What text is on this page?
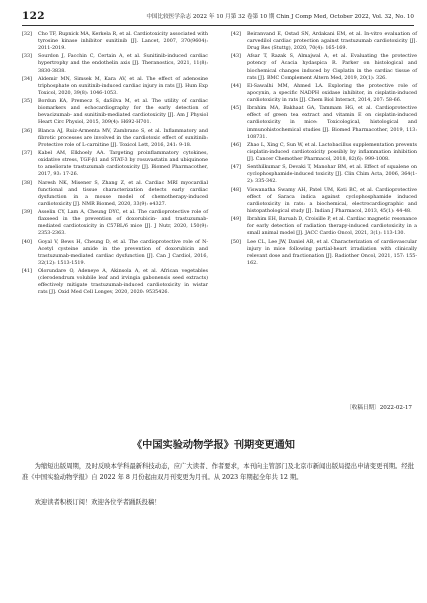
122	中国比较医学杂志 2022 年 10 月第 32 卷第 10 期 Chin J Comp Med, October 2022, Vol. 32, No. 10
[32] Cho TF, Rupnick MA, Kerkela R, et al. Cardiotoxicity associated with tyrosine kinase inhibitor sunitinib [J]. Lancet, 2007, 370(9604): 2011-2019.
[33] Sourdon J, Facchin C, Certain A, et al. Sunitinib-induced cardiac hypertrophy and the endothelin axis [J]. Theranostics, 2021, 11(8): 3830-3838.
[34] Aldemir MN, Simsek M, Kara AV, et al. The effect of adenosine triphosphate on sunitinib-induced cardiac injury in rats [J]. Hum Exp Toxicol, 2020, 39(8): 1046-1053.
[35] Bordun KA, Premecz S, daSilva M, et al. The utility of cardiac biomarkers and echocardiography for the early detection of bevacizumab- and sunitinib-mediated cardiotoxicity [J]. Am J Physiol Heart Circ Physiol, 2015, 309(4): H692-H701.
[36] Blanca AJ, Ruiz-Armenta MV, Zambrano S, et al. Inflammatory and fibrotic processes are involved in the cardiotoxic effect of sunitinib: Protective role of L-carnitine [J]. Toxicol Lett, 2016, 241: 9-18.
[37] Kabel AM, Elkhoely AA. Targeting proinflammatory cytokines, oxidative stress, TGF-β1 and STAT-3 by rosuvastatin and ubiquinone to ameliorate trastuzumab cardiotoxicity [J]. Biomed Pharmacother, 2017, 93: 17-26.
[38] Naresh NK, Misener S, Zhang Z, et al. Cardiac MRI myocardial functional and tissue characterization detects early cardiac dysfunction in a mouse model of chemotherapy-induced cardiotoxicity [J]. NMR Biomed, 2020, 33(9): e4327.
[39] Asselin CY, Lam A, Cheung DYC, et al. The cardioprotective role of flaxseed in the prevention of doxorubicin- and trastuzumab-mediated cardiotoxicity in C57BL/6 mice [J]. J Nutr, 2020, 150(9): 2353-2363.
[40] Goyal V, Bews H, Cheung D, et al. The cardioprotective role of N-Acetyl cysteine amide in the prevention of doxorubicin and trastuzumab-mediated cardiac dysfunction [J]. Can J Cardiol, 2016, 32(12): 1513-1519.
[41] Olorundare O, Adeneye A, Akinsola A, et al. African vegetables (clerodendrum volubile leaf and irvingia gabonensis seed extracts) effectively mitigate trastuzumab-induced cardiotoxicity in wistar rats [J]. Oxid Med Cell Longev, 2020, 2020: 9535426.
[42] Beiranvand E, Ostad SN, Ardakani EM, et al. In-vitro evaluation of carvedilol cardiac protection against trastuzumab cardiotoxicity [J]. Drug Res (Stuttg), 2020, 70(4): 165-169.
[43] Afsar T, Razak S, Almajwal A, et al. Evaluating the protective potency of Acacia hydaspica R. Parker on histological and biochemical changes induced by Cisplatin in the cardiac tissue of rats [J]. BMC Complement Altern Med, 2019, 20(1): 326.
[44] El-Sawalhi MM, Ahmed LA. Exploring the protective role of apocynin, a specific NADPH oxidase inhibitor, in cisplatin-induced cardiotoxicity in rats [J]. Chem Biol Interact, 2014, 207: 58-66.
[45] Ibrahim MA, Bakhaat GA, Tammam HG, et al. Cardioprotective effect of green tea extract and vitamin E on cisplatin-induced cardiotoxicity in mice: Toxicological, histological and immunohistochemical studies [J]. Biomed Pharmacother, 2019, 113: 108731.
[46] Zhao L, Xing C, Sun W, et al. Lactobacillus supplementation prevents cisplatin-induced cardiotoxicity possibly by inflammation inhibition [J]. Cancer Chemother Pharmacol, 2018, 82(6): 999-1008.
[47] Senthilkumar S, Devaki T, Manohar BM, et al. Effect of squalene on cyclophosphamide-induced toxicity [J]. Clin Chim Acta, 2006, 364(1-2): 335-342.
[48] Viswanatha Swamy AH, Patel UM, Koti BC, et al. Cardioprotective effect of Saraca indica against cyclophosphamide induced cardiotoxicity in rats: a biochemical, electrocardiographic and histopathological study [J]. Indian J Pharmacol, 2013, 45(1): 44-48.
[49] Ibrahim EH, Baruah D, Croisille P, et al. Cardiac magnetic resonance for early detection of radiation therapy-induced cardiotoxicity in a small animal model [J]. JACC Cardio Oncol, 2021, 3(1): 113-130.
[50] Lee CL, Lee JW, Daniel AB, et al. Characterization of cardiovascular injury in mice following partial-heart irradiation with clinically relevant dose and fractionation [J]. Radiother Oncol, 2021, 157: 155-162.
〔收稿日期〕2022-02-17
《中国实验动物学报》刊期变更通知

为缩短出版周期，及时反映本学科最新科技动态，应广大读者、作者要求，本刊向主管部门及北京市新闻出版局提出申请变更刊期。经批准《中国实验动物学报》自 2022 年 8 月份起由双月刊变更为月刊。从 2023 年期起全年共 12 期。

欢迎读者积极订阅！欢迎各位学者踊跃投稿！
